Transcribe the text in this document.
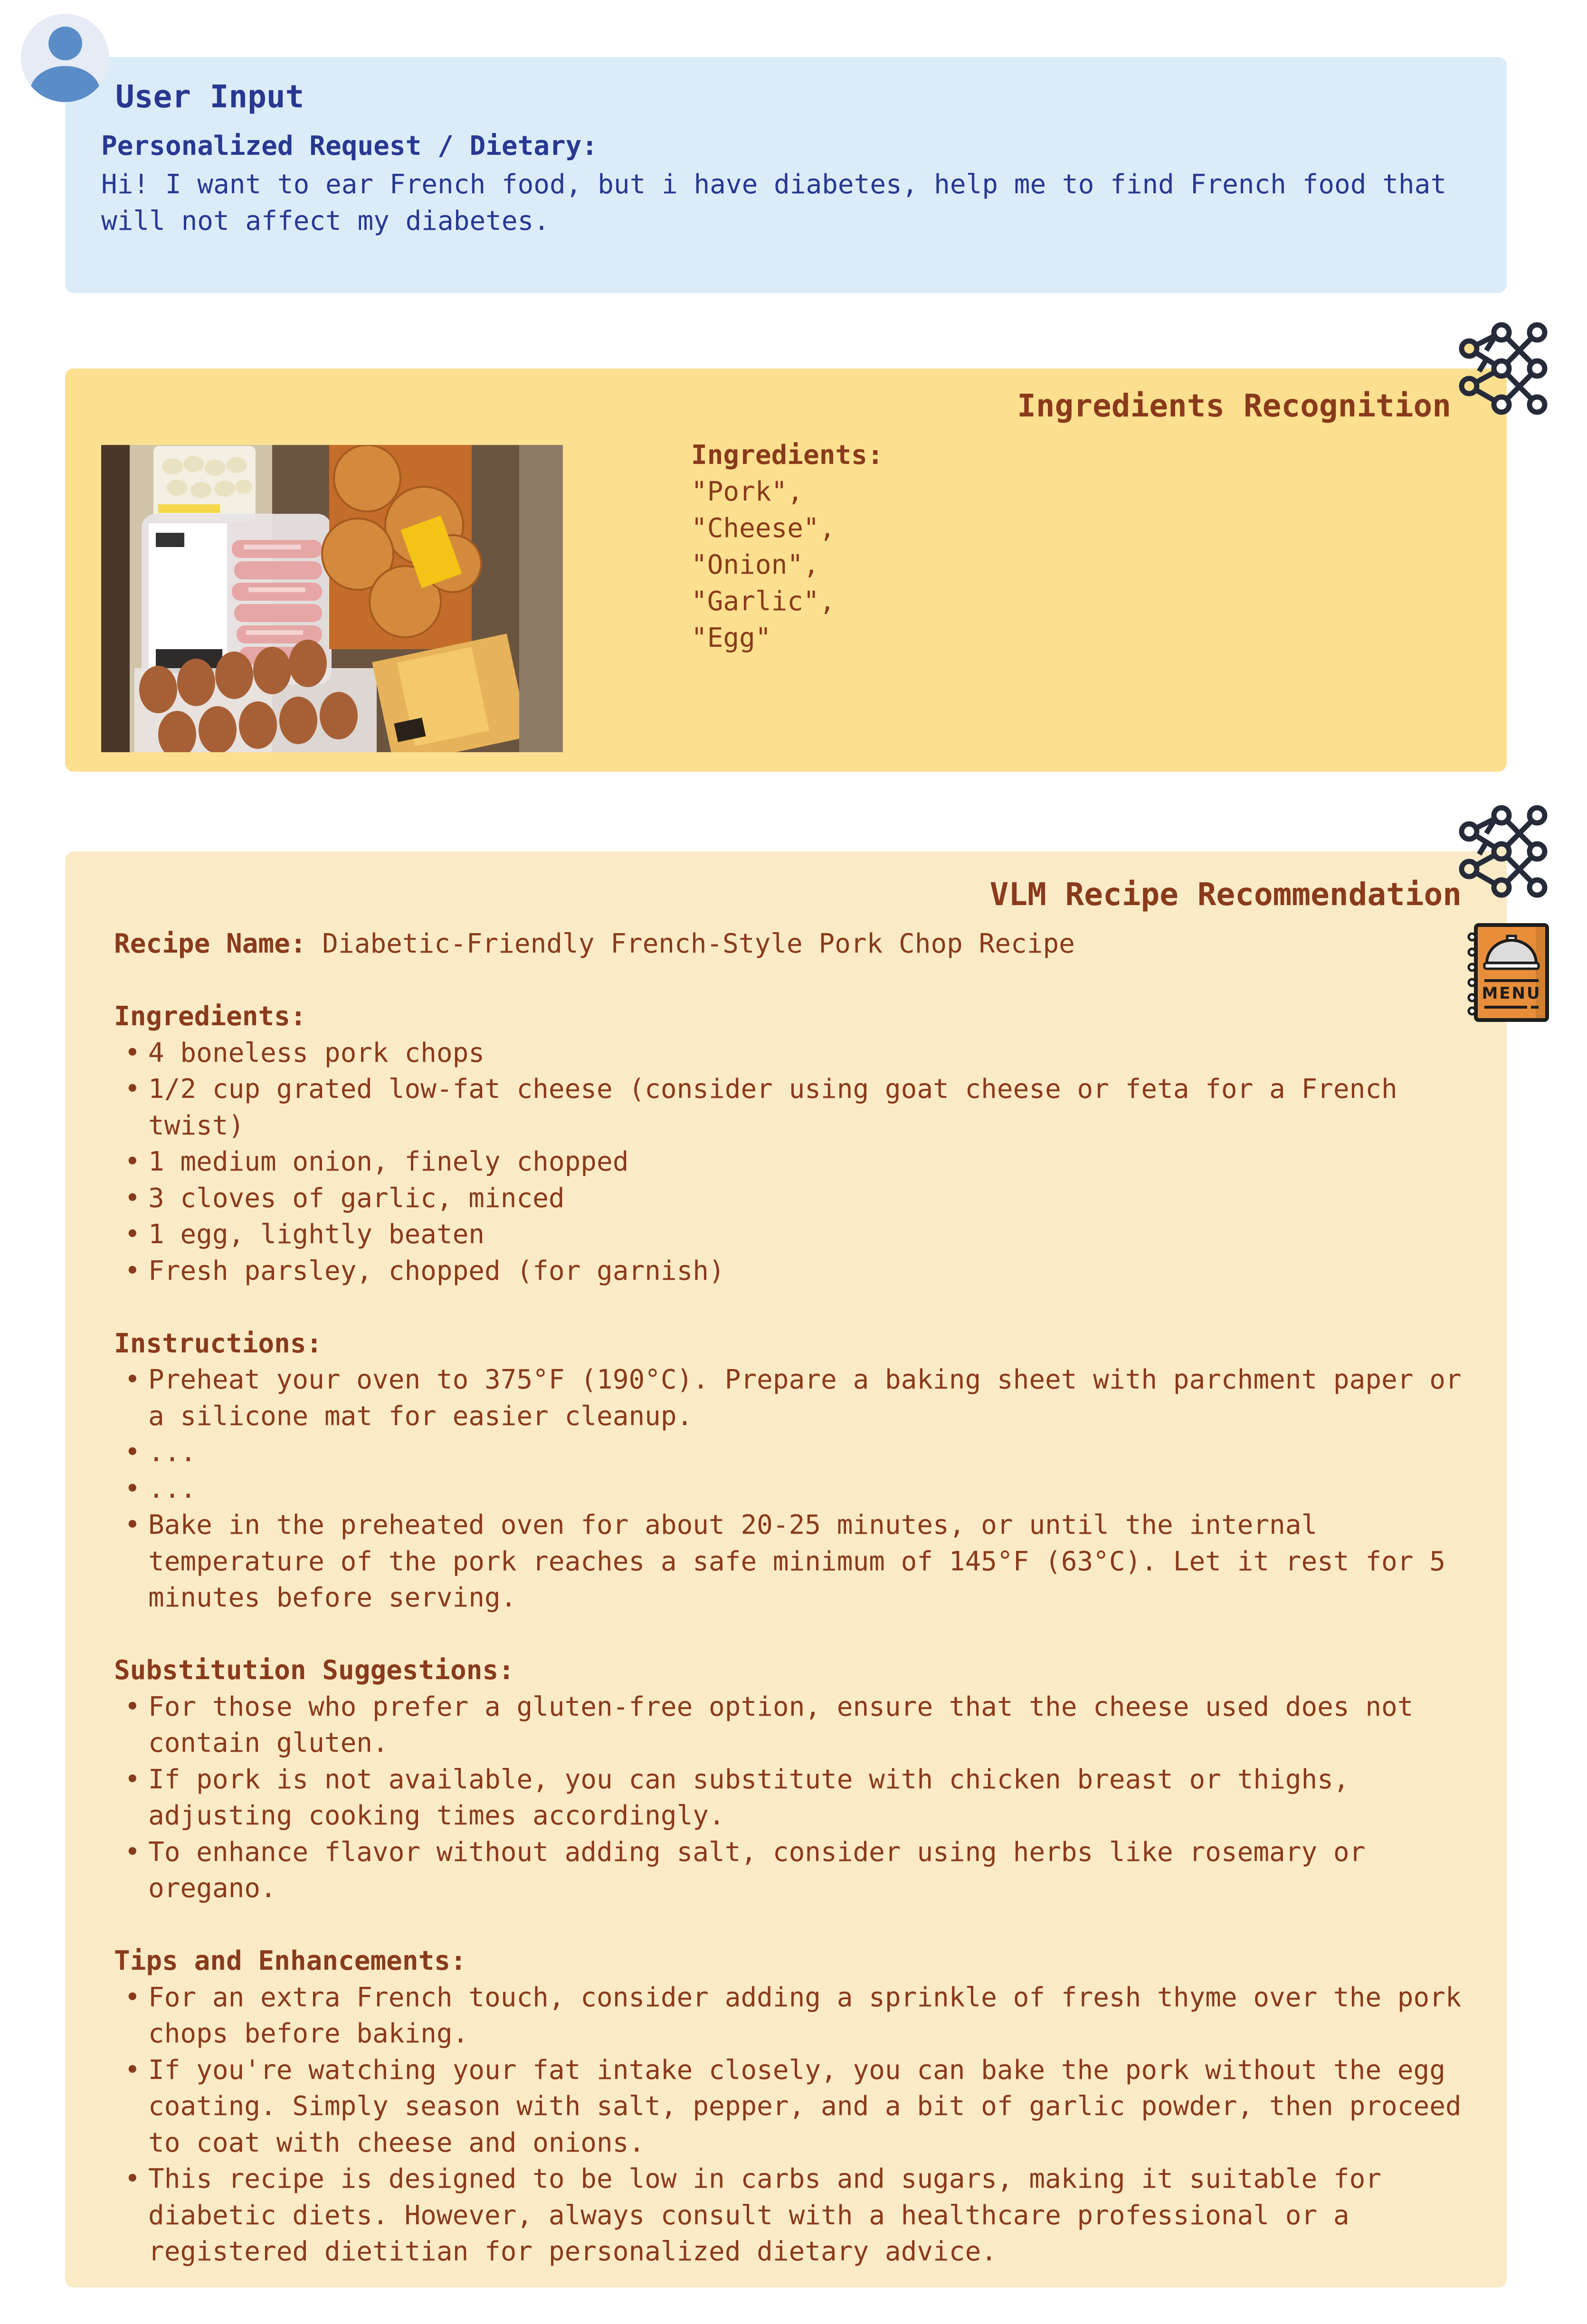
User Input
Personalized Request / Dietary:
Hi! I want to ear French food, but i have diabetes, help me to find French food that will not affect my diabetes.
Ingredients Recognition
Ingredients:
"Pork",
"Cheese",
"Onion",
"Garlic",
"Egg"
VLM Recipe Recommendation
MENU
Recipe Name: Diabetic-Friendly French-Style Pork Chop Recipe
Ingredients:
• 4 boneless pork chops
• 1/2 cup grated low-fat cheese (consider using goat cheese or feta for a French twist)
• 1 medium onion, finely chopped
• 3 cloves of garlic, minced
• 1 egg, lightly beaten
• Fresh parsley, chopped (for garnish)
Instructions:
• Preheat your oven to 375°F (190°C). Prepare a baking sheet with parchment paper or a silicone mat for easier cleanup.
• ...
• ...
• Bake in the preheated oven for about 20-25 minutes, or until the internal temperature of the pork reaches a safe minimum of 145°F (63°C). Let it rest for 5 minutes before serving.
Substitution Suggestions:
• For those who prefer a gluten-free option, ensure that the cheese used does not contain gluten.
• If pork is not available, you can substitute with chicken breast or thighs, adjusting cooking times accordingly.
• To enhance flavor without adding salt, consider using herbs like rosemary or oregano.
Tips and Enhancements:
• For an extra French touch, consider adding a sprinkle of fresh thyme over the pork chops before baking.
• If you're watching your fat intake closely, you can bake the pork without the egg coating. Simply season with salt, pepper, and a bit of garlic powder, then proceed to coat with cheese and onions.
• This recipe is designed to be low in carbs and sugars, making it suitable for diabetic diets. However, always consult with a healthcare professional or a registered dietitian for personalized dietary advice.
